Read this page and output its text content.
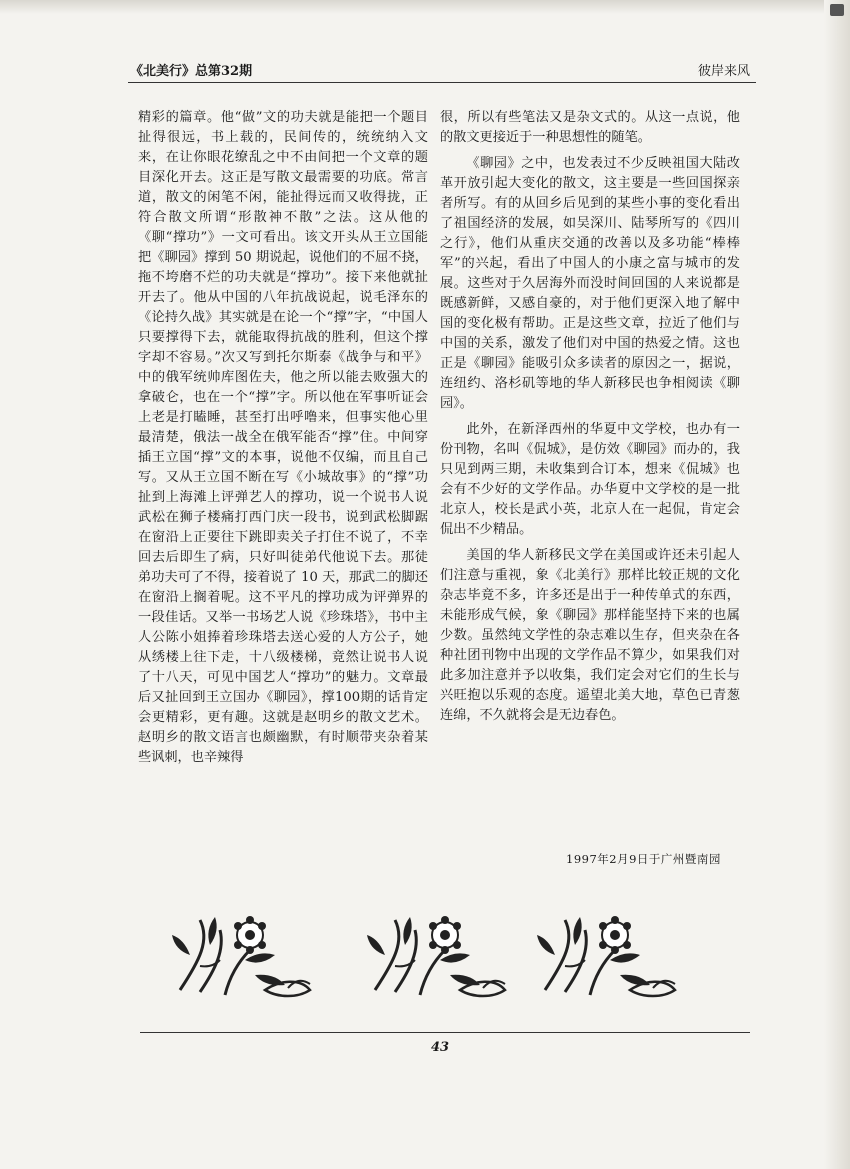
《北美行》总第32期	彼岸来风

精彩的篇章。他“做”文的功夫就是能把一个题目扯得很远，书上载的，民间传的，统统纳入文来，在让你眼花缭乱之中不由间把一个文章的题目深化开去。这正是写散文最需要的功底。常言道，散文的闲笔不闲，能扯得远而又收得拢，正符合散文所谓“形散神不散”之法。这从他的《聊“撑功”》一文可看出。该文开头从王立国能把《聊园》撑到 50 期说起，说他们的不屈不挠，拖不垮磨不烂的功夫就是“撑功”。接下来他就扯开去了。他从中国的八年抗战说起，说毛泽东的《论持久战》其实就是在论一个“撑”字，“中国人只要撑得下去，就能取得抗战的胜利，但这个撑字却不容易。”次又写到托尔斯泰《战争与和平》中的俄军统帅库图佐夫，他之所以能去败强大的拿破仑，也在一个“撑”字。所以他在军事听证会上老是打瞌睡，甚至打出呼噜来，但事实他心里最清楚，俄法一战全在俄军能否“撑”住。中间穿插王立国“撑”文的本事，说他不仅编，而且自己写。又从王立国不断在写《小城故事》的“撑”功扯到上海滩上评弹艺人的撑功，说一个说书人说武松在狮子楼痛打西门庆一段书，说到武松脚踞在窗沿上正要往下跳即卖关子打住不说了，不幸回去后即生了病，只好叫徒弟代他说下去。那徒弟功夫可了不得，接着说了 10 天，那武二的脚还在窗沿上搁着呢。这不平凡的撑功成为评弹界的一段佳话。又举一书场艺人说《珍珠塔》，书中主人公陈小姐捧着珍珠塔去送心爱的人方公子，她从绣楼上往下走，十八级楼梯，竟然让说书人说了十八天，可见中国艺人“撑功”的魅力。文章最后又扯回到王立国办《聊园》，撑100期的话肯定会更精彩，更有趣。这就是赵明乡的散文艺术。赵明乡的散文语言也颇幽默，有时顺带夹杂着某些讽刺，也辛辣得

很，所以有些笔法又是杂文式的。从这一点说，他的散文更接近于一种思想性的随笔。

《聊园》之中，也发表过不少反映祖国大陆改革开放引起大变化的散文，这主要是一些回国探亲者所写。有的从回乡后见到的某些小事的变化看出了祖国经济的发展，如吴深川、陆琴所写的《四川之行》，他们从重庆交通的改善以及多功能“棒棒军”的兴起，看出了中国人的小康之富与城市的发展。这些对于久居海外而没时间回国的人来说都是既感新鲜，又感自豪的，对于他们更深入地了解中国的变化极有帮助。正是这些文章，拉近了他们与中国的关系，激发了他们对中国的热爱之情。这也正是《聊园》能吸引众多读者的原因之一，据说，连纽约、洛杉矶等地的华人新移民也争相阅读《聊园》。

此外，在新泽西州的华夏中文学校，也办有一份刊物，名叫《侃城》，是仿效《聊园》而办的，我只见到两三期，未收集到合订本，想来《侃城》也会有不少好的文学作品。办华夏中文学校的是一批北京人，校长是武小英，北京人在一起侃，肯定会侃出不少精品。

美国的华人新移民文学在美国或许还未引起人们注意与重视，象《北美行》那样比较正规的文化杂志毕竟不多，许多还是出于一种传单式的东西，未能形成气候，象《聊园》那样能坚持下来的也属少数。虽然纯文学性的杂志难以生存，但夹杂在各种社团刊物中出现的文学作品不算少，如果我们对此多加注意并予以收集，我们定会对它们的生长与兴旺抱以乐观的态度。遥望北美大地，草色已青葱连绵，不久就将会是无边春色。

1997年2月9日于广州暨南园
43
